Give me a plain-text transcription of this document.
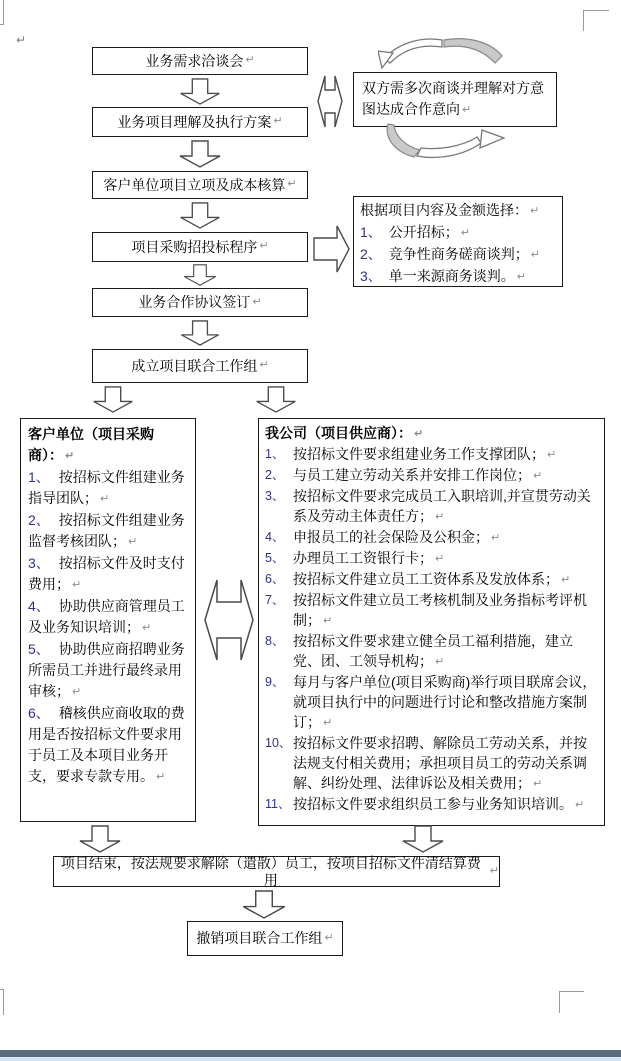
↵
业务需求洽谈会 ↵
业务项目理解及执行方案 ↵
客户单位项目立项及成本核算 ↵
项目采购招投标程序 ↵
业务合作协议签订 ↵
成立项目联合工作组 ↵
双方需多次商谈并理解对方意图达成合作意向 ↵

根据项目内容及金额选择： ↵

1、 公开招标； ↵

2、 竞争性商务磋商谈判； ↵

3、 单一来源商务谈判。 ↵

客户单位（项目采购商）： ↵

1、 按招标文件组建业务指导团队； ↵

2、 按招标文件组建业务监督考核团队； ↵

3、 按招标文件及时支付费用； ↵

4、 协助供应商管理员工及业务知识培训； ↵

5、 协助供应商招聘业务所需员工并进行最终录用审核； ↵

6、 稽核供应商收取的费用是否按招标文件要求用于员工及本项目业务开支，要求专款专用。 ↵

我公司（项目供应商）： ↵

1、 按招标文件要求组建业务工作支撑团队； ↵
2、 与员工建立劳动关系并安排工作岗位； ↵
3、 按招标文件要求完成员工入职培训,并宣贯劳动关系及劳动主体责任方； ↵
4、 申报员工的社会保险及公积金； ↵
5、 办理员工工资银行卡； ↵
6、 按招标文件建立员工工资体系及发放体系； ↵
7、 按招标文件建立员工考核机制及业务指标考评机制； ↵
8、 按招标文件要求建立健全员工福利措施，建立党、团、工领导机构； ↵
9、 每月与客户单位(项目采购商)举行项目联席会议，就项目执行中的问题进行讨论和整改措施方案制订； ↵
10、 按招标文件要求招聘、解除员工劳动关系，并按法规支付相关费用；承担项目员工的劳动关系调解、纠纷处理、法律诉讼及相关费用； ↵
11、 按招标文件要求组织员工参与业务知识培训。 ↵
项目结束，按法规要求解除（遣散）员工，按项目招标文件清结算费用
↵
撤销项目联合工作组 ↵
